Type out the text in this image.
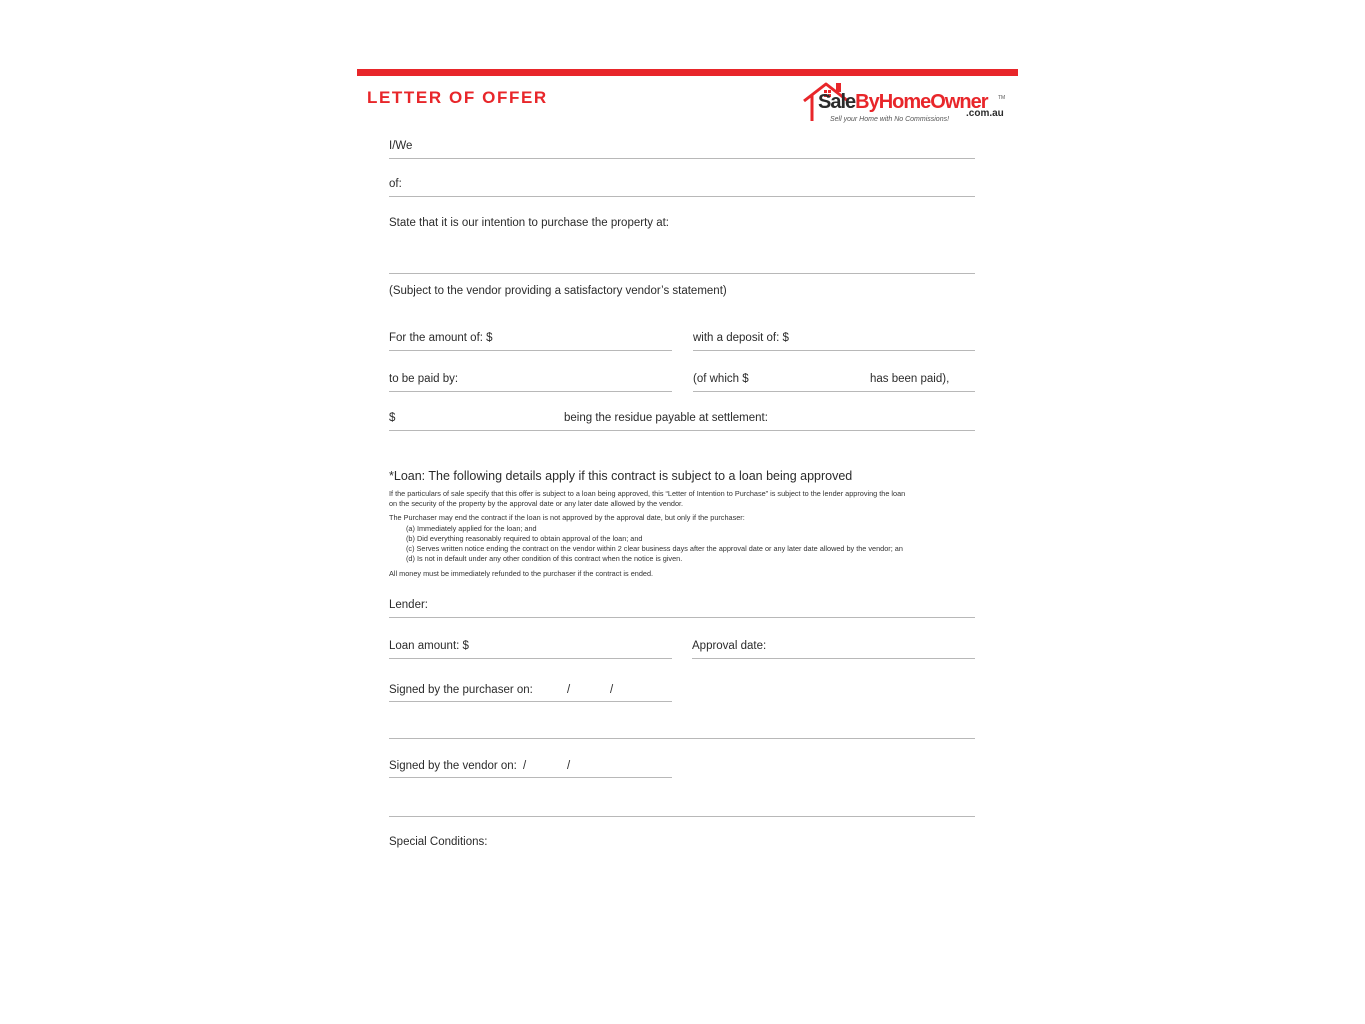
LETTER OF OFFER	SaleByHomeOwner TM
.com.au
Sell your Home with No Commissions!
I/We
of:
State that it is our intention to purchase the property at:
(Subject to the vendor providing a satisfactory vendor’s statement)
For the amount of: $	with a deposit of: $
to be paid by:	(of which $	has been paid),
$	being the residue payable at settlement:
*Loan: The following details apply if this contract is subject to a loan being approved
If the particulars of sale specify that this offer is subject to a loan being approved, this “Letter of Intention to Purchase” is subject to the lender approving the loan
on the security of the property by the approval date or any later date allowed by the vendor.
The Purchaser may end the contract if the loan is not approved by the approval date, but only if the purchaser:
(a) Immediately applied for the loan; and
(b) Did everything reasonably required to obtain approval of the loan; and
(c) Serves written notice ending the contract on the vendor within 2 clear business days after the approval date or any later date allowed by the vendor; an
(d) Is not in default under any other condition of this contract when the notice is given.
All money must be immediately refunded to the purchaser if the contract is ended.
Lender:
Loan amount: $	Approval date:
Signed by the purchaser on:	/	/
Signed by the vendor on: /	/
Special Conditions:
